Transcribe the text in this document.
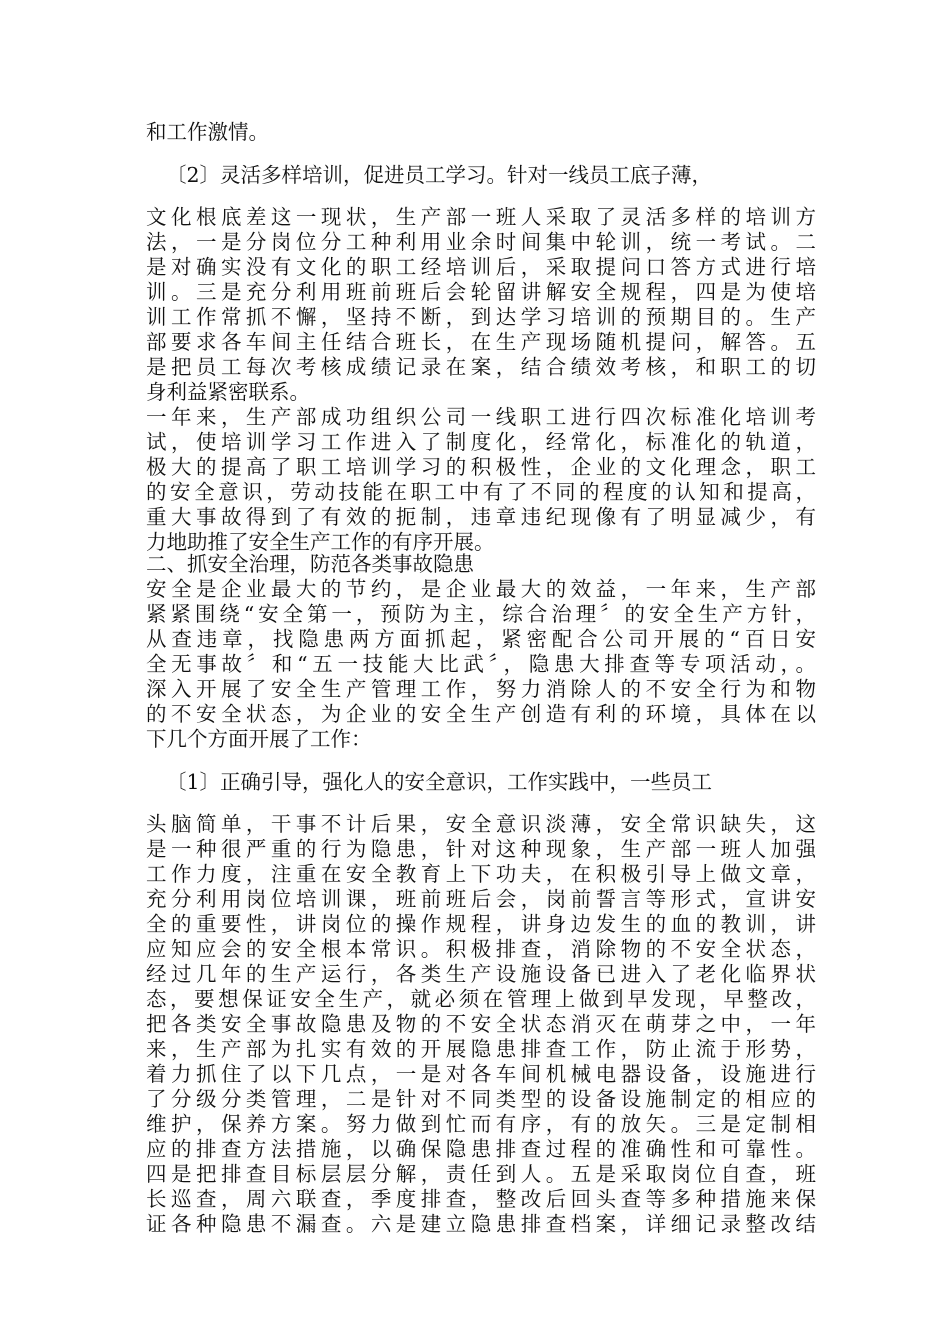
和工作激情。
〔2〕灵活多样培训，促进员工学习。针对一线员工底子薄，
文化根底差这一现状，生产部一班人采取了灵活多样的培训方
法，一是分岗位分工种利用业余时间集中轮训，统一考试。二
是对确实没有文化的职工经培训后，采取提问口答方式进行培
训。三是充分利用班前班后会轮留讲解安全规程，四是为使培
训工作常抓不懈，坚持不断，到达学习培训的预期目的。生产
部要求各车间主任结合班长，在生产现场随机提问，解答。五
是把员工每次考核成绩记录在案，结合绩效考核，和职工的切
身利益紧密联系。
一年来，生产部成功组织公司一线职工进行四次标准化培训考
试，使培训学习工作进入了制度化，经常化，标准化的轨道，
极大的提高了职工培训学习的积极性，企业的文化理念，职工
的安全意识，劳动技能在职工中有了不同的程度的认知和提高，
重大事故得到了有效的扼制，违章违纪现像有了明显减少，有
力地助推了安全生产工作的有序开展。
二、抓安全治理，防范各类事故隐患
安全是企业最大的节约，是企业最大的效益，一年来，生产部
紧紧围绕“安全第一，预防为主，综合治理〞的安全生产方针，
从查违章，找隐患两方面抓起，紧密配合公司开展的“百日安
全无事故〞和“五一技能大比武〞，隐患大排查等专项活动，。
深入开展了安全生产管理工作，努力消除人的不安全行为和物
的不安全状态，为企业的安全生产创造有利的环境，具体在以
下几个方面开展了工作：
〔1〕正确引导，强化人的安全意识，工作实践中，一些员工
头脑简单，干事不计后果，安全意识淡薄，安全常识缺失，这
是一种很严重的行为隐患，针对这种现象，生产部一班人加强
工作力度，注重在安全教育上下功夫，在积极引导上做文章，
充分利用岗位培训课，班前班后会，岗前誓言等形式，宣讲安
全的重要性，讲岗位的操作规程，讲身边发生的血的教训，讲
应知应会的安全根本常识。积极排查，消除物的不安全状态，
经过几年的生产运行，各类生产设施设备已进入了老化临界状
态，要想保证安全生产，就必须在管理上做到早发现，早整改，
把各类安全事故隐患及物的不安全状态消灭在萌芽之中，一年
来，生产部为扎实有效的开展隐患排查工作，防止流于形势，
着力抓住了以下几点，一是对各车间机械电器设备，设施进行
了分级分类管理，二是针对不同类型的设备设施制定的相应的
维护，保养方案。努力做到忙而有序，有的放矢。三是定制相
应的排查方法措施，以确保隐患排查过程的准确性和可靠性。
四是把排查目标层层分解，责任到人。五是采取岗位自查，班
长巡查，周六联查，季度排查，整改后回头查等多种措施来保
证各种隐患不漏查。六是建立隐患排查档案，详细记录整改结
